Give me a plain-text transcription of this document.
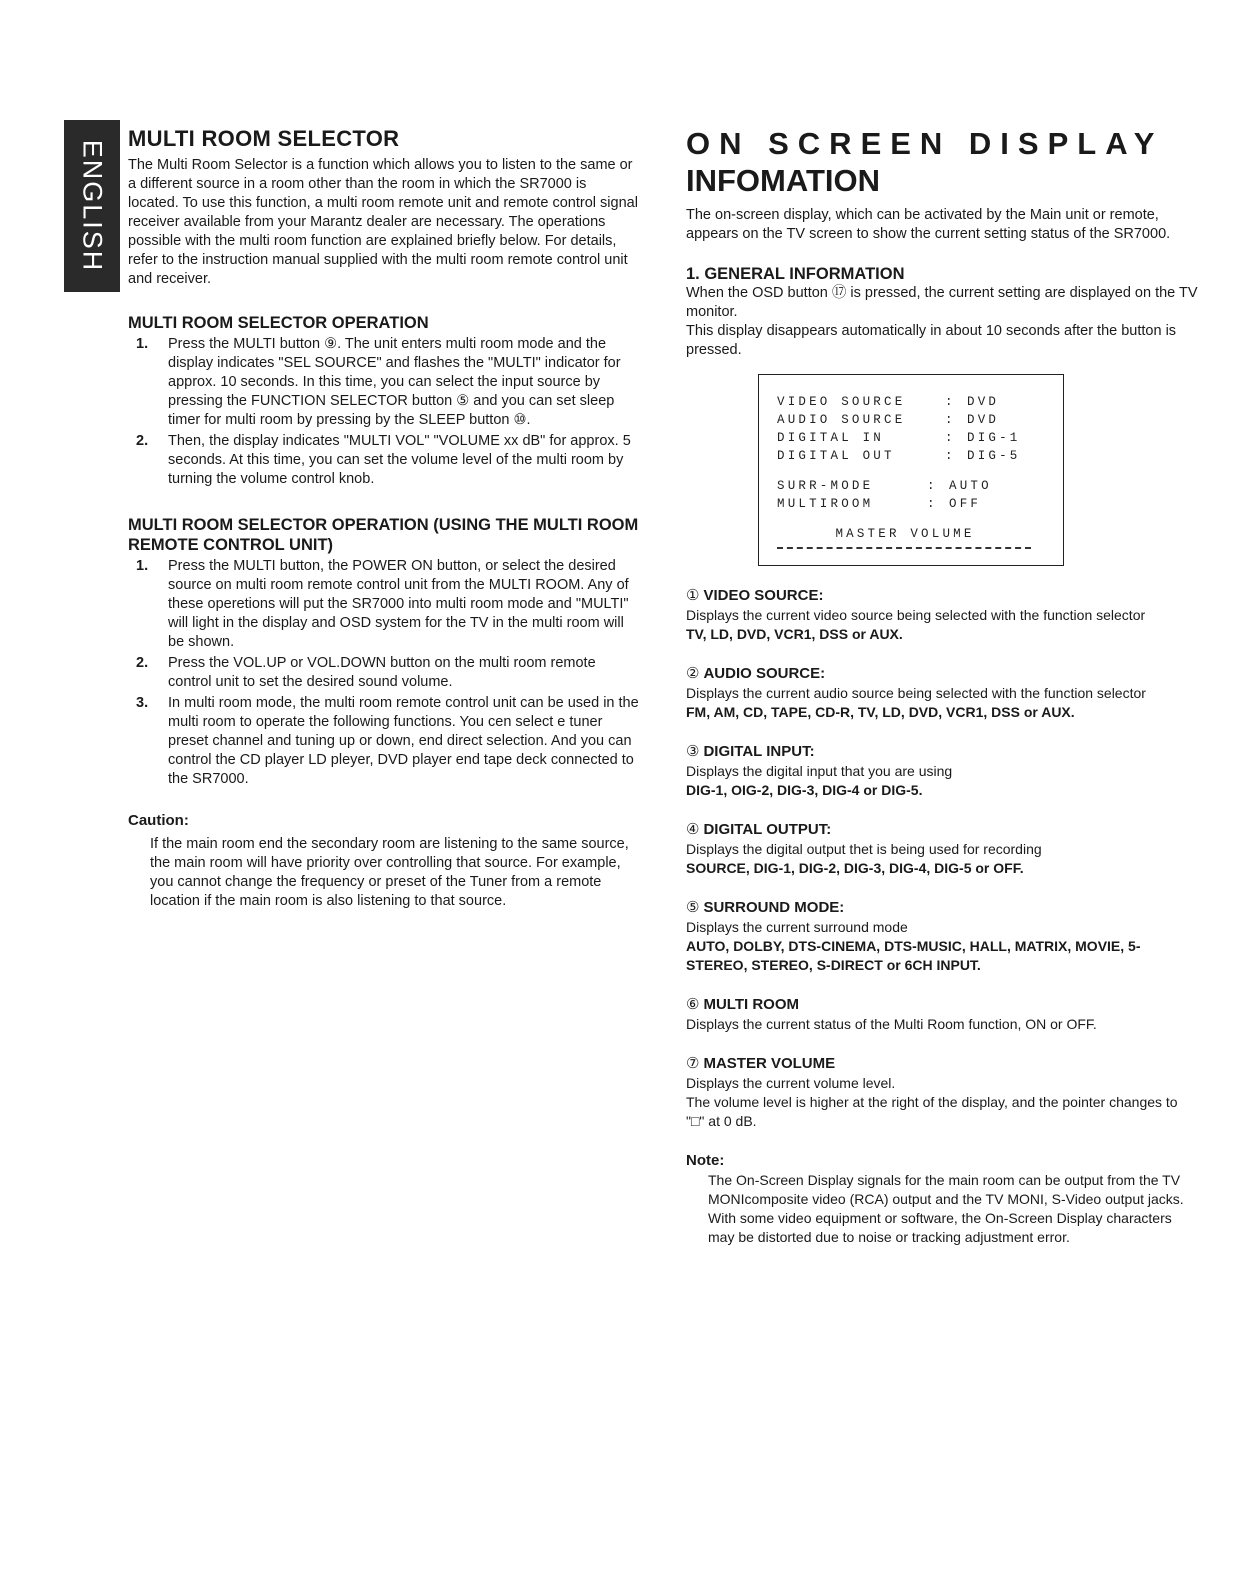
ENGLISH
MULTI ROOM SELECTOR

The Multi Room Selector is a function which allows you to listen to the same or a different source in a room other than the room in which the SR7000 is located. To use this function, a multi room remote unit and remote control signal receiver available from your Marantz dealer are necessary. The operations possible with the multi room function are explained briefly below. For details, refer to the instruction manual supplied with the multi room remote control unit and receiver.

MULTI ROOM SELECTOR OPERATION
1. Press the MULTI button ⑨. The unit enters multi room mode and the display indicates "SEL SOURCE" and flashes the "MULTI" indicator for approx. 10 seconds. In this time, you can select the input source by pressing the FUNCTION SELECTOR button ⑤ and you can set sleep timer for multi room by pressing by the SLEEP button ⑩.
2. Then, the display indicates "MULTI VOL" "VOLUME xx dB" for approx. 5 seconds. At this time, you can set the volume level of the multi room by turning the volume control knob.
MULTI ROOM SELECTOR OPERATION (USING THE MULTI ROOM REMOTE CONTROL UNIT)
1. Press the MULTI button, the POWER ON button, or select the desired source on multi room remote control unit from the MULTI ROOM. Any of these operetions will put the SR7000 into multi room mode and "MULTI" will light in the display and OSD system for the TV in the multi room will be shown.
2. Press the VOL.UP or VOL.DOWN button on the multi room remote control unit to set the desired sound volume.
3. In multi room mode, the multi room remote control unit can be used in the multi room to operate the following functions. You cen select e tuner preset channel and tuning up or down, end direct selection. And you can control the CD player LD pleyer, DVD player end tape deck connected to the SR7000.
Caution:

If the main room end the secondary room are listening to the same source, the main room will have priority over controlling that source. For example, you cannot change the frequency or preset of the Tuner from a remote location if the main room is also listening to that source.

ON SCREEN DISPLAY
INFOMATION

The on-screen display, which can be activated by the Main unit or remote, appears on the TV screen to show the current setting status of the SR7000.

1. GENERAL INFORMATION

When the OSD button ⑰ is pressed, the current setting are displayed on the TV monitor.

This display disappears automatically in about 10 seconds after the button is pressed.

VIDEO SOURCE	: DVD
AUDIO SOURCE	: DVD
DIGITAL IN	: DIG-1
DIGITAL OUT	: DIG-5
SURR-MODE	: AUTO
MULTIROOM	: OFF
MASTER VOLUME
① VIDEO SOURCE:

Displays the current video source being selected with the function selector

TV, LD, DVD, VCR1, DSS or AUX.

② AUDIO SOURCE:

Displays the current audio source being selected with the function selector

FM, AM, CD, TAPE, CD-R, TV, LD, DVD, VCR1, DSS or AUX.

③ DIGITAL INPUT:

Displays the digital input that you are using

DIG-1, OIG-2, DIG-3, DIG-4 or DIG-5.

④ DIGITAL OUTPUT:

Displays the digital output thet is being used for recording

SOURCE, DIG-1, DIG-2, DIG-3, DIG-4, DIG-5 or OFF.

⑤ SURROUND MODE:

Displays the current surround mode

AUTO, DOLBY, DTS-CINEMA, DTS-MUSIC, HALL, MATRIX, MOVIE, 5-STEREO, STEREO, S-DIRECT or 6CH INPUT.

⑥ MULTI ROOM

Displays the current status of the Multi Room function, ON or OFF.

⑦ MASTER VOLUME

Displays the current volume level.

The volume level is higher at the right of the display, and the pointer changes to "□" at 0 dB.

Note:

The On-Screen Display signals for the main room can be output from the TV MONIcomposite video (RCA) output and the TV MONI, S-Video output jacks.

With some video equipment or software, the On-Screen Display characters may be distorted due to noise or tracking adjustment error.
